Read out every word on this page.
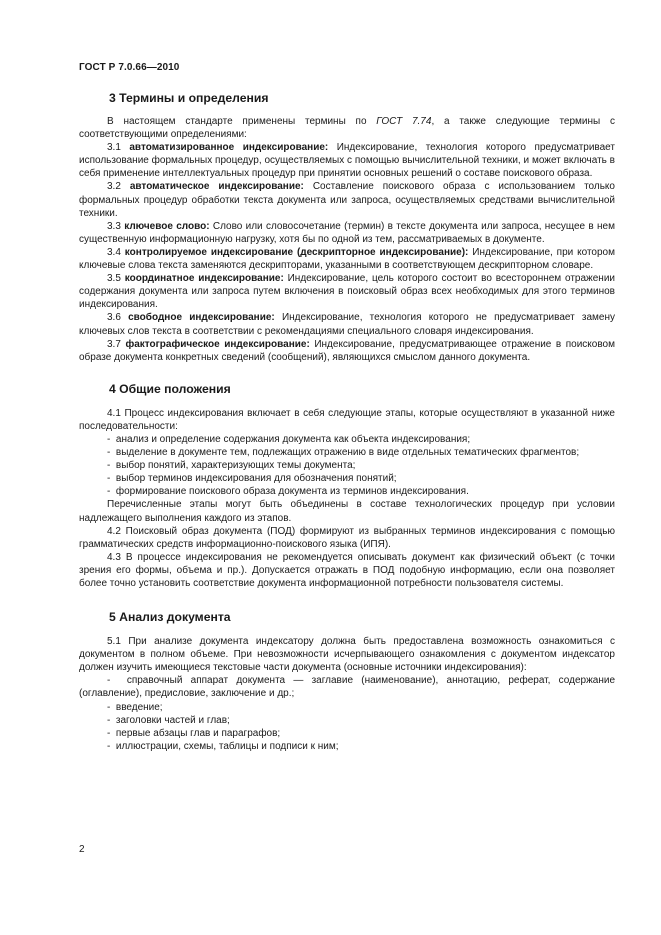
ГОСТ Р 7.0.66—2010
3 Термины и определения

В настоящем стандарте применены термины по ГОСТ 7.74, а также следующие термины с соответствующими определениями:

3.1 автоматизированное индексирование: Индексирование, технология которого предусматривает использование формальных процедур, осуществляемых с помощью вычислительной техники, и может включать в себя применение интеллектуальных процедур при принятии основных решений о составе поискового образа.

3.2 автоматическое индексирование: Составление поискового образа с использованием только формальных процедур обработки текста документа или запроса, осуществляемых средствами вычислительной техники.

3.3 ключевое слово: Слово или словосочетание (термин) в тексте документа или запроса, несущее в нем существенную информационную нагрузку, хотя бы по одной из тем, рассматриваемых в документе.

3.4 контролируемое индексирование (дескрипторное индексирование): Индексирование, при котором ключевые слова текста заменяются дескрипторами, указанными в соответствующем дескрипторном словаре.

3.5 координатное индексирование: Индексирование, цель которого состоит во всестороннем отражении содержания документа или запроса путем включения в поисковый образ всех необходимых для этого терминов индексирования.

3.6 свободное индексирование: Индексирование, технология которого не предусматривает замену ключевых слов текста в соответствии с рекомендациями специального словаря индексирования.

3.7 фактографическое индексирование: Индексирование, предусматривающее отражение в поисковом образе документа конкретных сведений (сообщений), являющихся смыслом данного документа.

4 Общие положения

4.1 Процесс индексирования включает в себя следующие этапы, которые осуществляют в указанной ниже последовательности:

-  анализ и определение содержания документа как объекта индексирования;
-  выделение в документе тем, подлежащих отражению в виде отдельных тематических фрагментов;
-  выбор понятий, характеризующих темы документа;
-  выбор терминов индексирования для обозначения понятий;
-  формирование поискового образа документа из терминов индексирования.

Перечисленные этапы могут быть объединены в составе технологических процедур при условии надлежащего выполнения каждого из этапов.

4.2 Поисковый образ документа (ПОД) формируют из выбранных терминов индексирования с помощью грамматических средств информационно-поискового языка (ИПЯ).

4.3 В процессе индексирования не рекомендуется описывать документ как физический объект (с точки зрения его формы, объема и пр.). Допускается отражать в ПОД подобную информацию, если она позволяет более точно установить соответствие документа информационной потребности пользователя системы.

5 Анализ документа

5.1 При анализе документа индексатору должна быть предоставлена возможность ознакомиться с документом в полном объеме. При невозможности исчерпывающего ознакомления с документом индексатор должен изучить имеющиеся текстовые части документа (основные источники индексирования):

-  справочный аппарат документа — заглавие (наименование), аннотацию, реферат, содержание (оглавление), предисловие, заключение и др.;
-  введение;
-  заголовки частей и глав;
-  первые абзацы глав и параграфов;
-  иллюстрации, схемы, таблицы и подписи к ним;
2
